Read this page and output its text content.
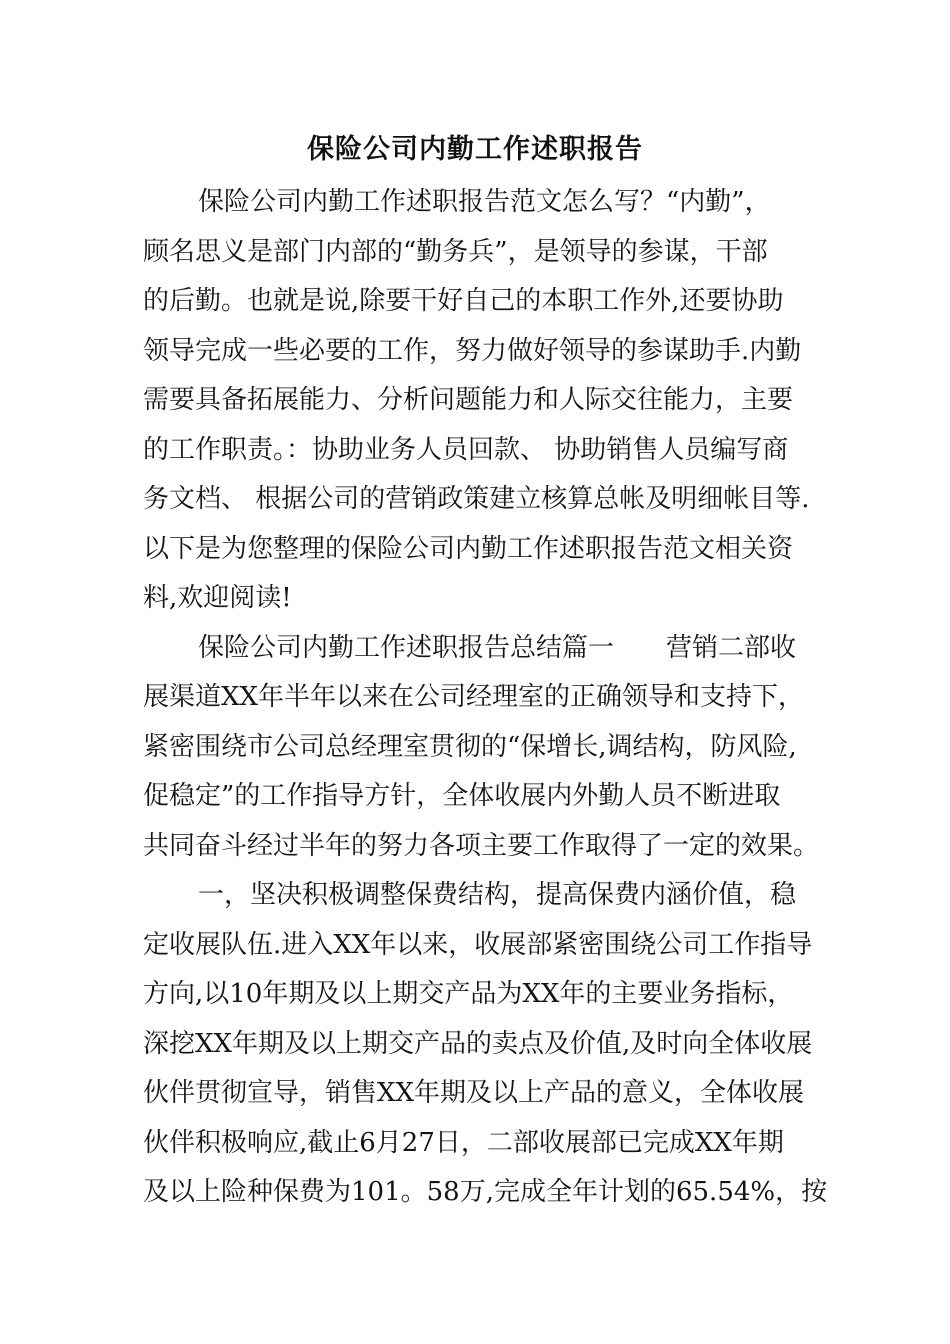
保险公司内勤工作述职报告
保险公司内勤工作述职报告范文怎么写？“内勤”，
顾名思义是部门内部的“勤务兵”，是领导的参谋，干部
的后勤。也就是说,除要干好自己的本职工作外,还要协助
领导完成一些必要的工作，努力做好领导的参谋助手.内勤
需要具备拓展能力、分析问题能力和人际交往能力，主要
的工作职责。：协助业务人员回款、 协助销售人员编写商
务文档、 根据公司的营销政策建立核算总帐及明细帐目等.
以下是为您整理的保险公司内勤工作述职报告范文相关资
料,欢迎阅读!
保险公司内勤工作述职报告总结篇一　　营销二部收
展渠道XX年半年以来在公司经理室的正确领导和支持下，
紧密围绕市公司总经理室贯彻的“保增长,调结构，防风险,
促稳定”的工作指导方针，全体收展内外勤人员不断进取
共同奋斗经过半年的努力各项主要工作取得了一定的效果。
一，坚决积极调整保费结构，提高保费内涵价值，稳
定收展队伍.进入XX年以来，收展部紧密围绕公司工作指导
方向,以10年期及以上期交产品为XX年的主要业务指标，
深挖XX年期及以上期交产品的卖点及价值,及时向全体收展
伙伴贯彻宣导，销售XX年期及以上产品的意义，全体收展
伙伴积极响应,截止6月27日，二部收展部已完成XX年期
及以上险种保费为101。58万,完成全年计划的65.54%，按
